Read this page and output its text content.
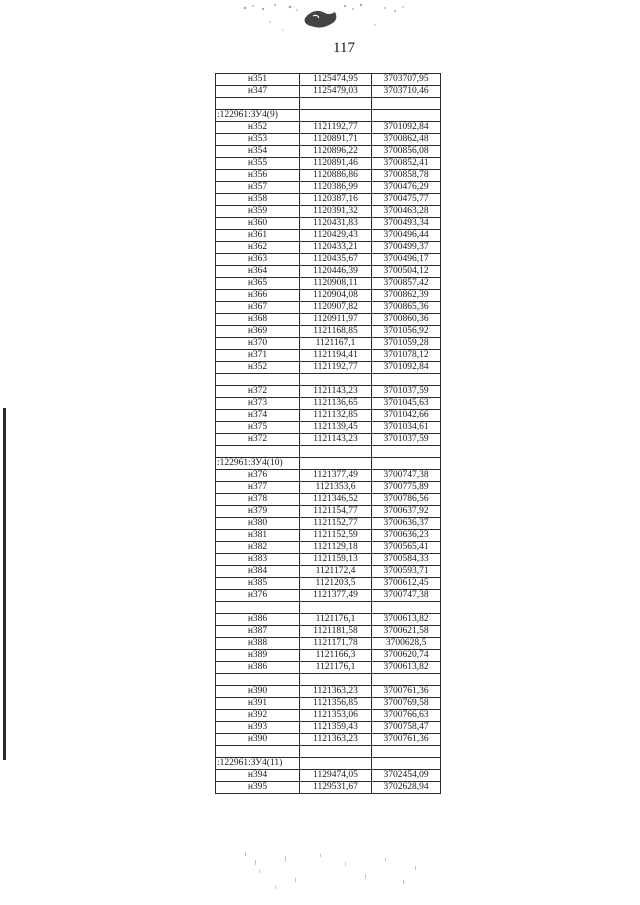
117
н351	1125474,95	3703707,95
н347	1125479,03	3703710,46

:122961:ЗУ4(9)		
н352	1121192,77	3701092,84
н353	1120891,71	3700862,48
н354	1120896,22	3700856,08
н355	1120891,46	3700852,41
н356	1120886,86	3700858,78
н357	1120386,99	3700476,29
н358	1120387,16	3700475,77
н359	1120391,32	3700463,28
н360	1120431,83	3700493,34
н361	1120429,43	3700496,44
н362	1120433,21	3700499,37
н363	1120435,67	3700496,17
н364	1120446,39	3700504,12
н365	1120908,11	3700857,42
н366	1120904,08	3700862,39
н367	1120907,82	3700865,36
н368	1120911,97	3700860,36
н369	1121168,85	3701056,92
н370	1121167,1	3701059,28
н371	1121194,41	3701078,12
н352	1121192,77	3701092,84

н372	1121143,23	3701037,59
н373	1121136,65	3701045,63
н374	1121132,85	3701042,66
н375	1121139,45	3701034,61
н372	1121143,23	3701037,59

:122961:ЗУ4(10)		
н376	1121377,49	3700747,38
н377	1121353,6	3700775,89
н378	1121346,52	3700786,56
н379	1121154,77	3700637,92
н380	1121152,77	3700636,37
н381	1121152,59	3700636,23
н382	1121129,18	3700565,41
н383	1121159,13	3700584,33
н384	1121172,4	3700593,71
н385	1121203,5	3700612,45
н376	1121377,49	3700747,38

н386	1121176,1	3700613,82
н387	1121181,58	3700621,58
н388	1121171,78	3700628,5
н389	1121166,3	3700620,74
н386	1121176,1	3700613,82

н390	1121363,23	3700761,36
н391	1121356,85	3700769,58
н392	1121353,06	3700766,63
н393	1121359,43	3700758,47
н390	1121363,23	3700761,36

:122961:ЗУ4(11)		
н394	1129474,05	3702454,09
н395	1129531,67	3702628,94
